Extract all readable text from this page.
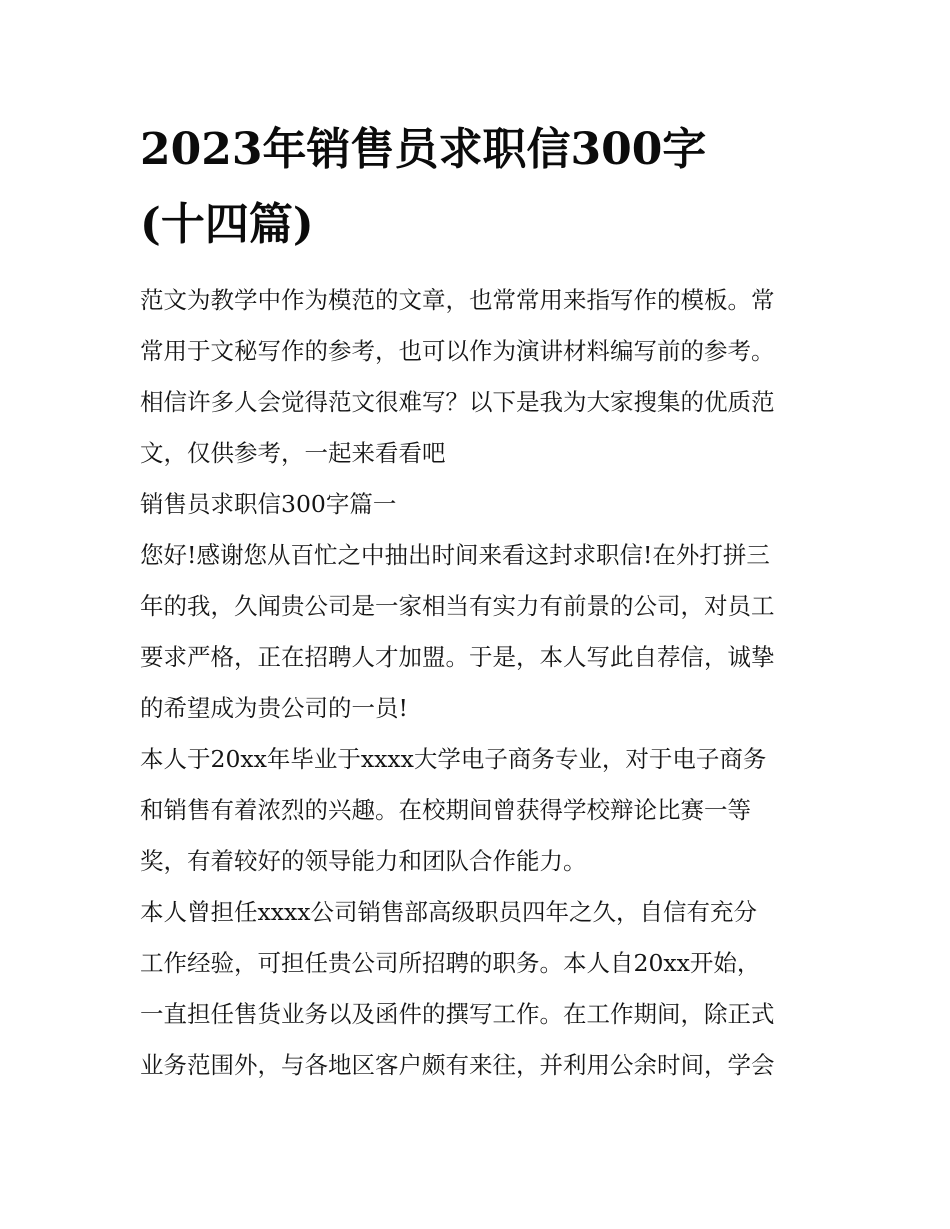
2023年销售员求职信300字
(十四篇)

范文为教学中作为模范的文章，也常常用来指写作的模板。常

常用于文秘写作的参考，也可以作为演讲材料编写前的参考。

相信许多人会觉得范文很难写？以下是我为大家搜集的优质范

文，仅供参考，一起来看看吧

销售员求职信300字篇一

您好!感谢您从百忙之中抽出时间来看这封求职信!在外打拼三

年的我，久闻贵公司是一家相当有实力有前景的公司，对员工

要求严格，正在招聘人才加盟。于是，本人写此自荐信，诚挚

的希望成为贵公司的一员!

本人于20xx年毕业于xxxx大学电子商务专业，对于电子商务

和销售有着浓烈的兴趣。在校期间曾获得学校辩论比赛一等

奖，有着较好的领导能力和团队合作能力。

本人曾担任xxxx公司销售部高级职员四年之久，自信有充分

工作经验，可担任贵公司所招聘的职务。本人自20xx开始，

一直担任售货业务以及函件的撰写工作。在工作期间，除正式

业务范围外，与各地区客户颇有来往，并利用公余时间，学会
